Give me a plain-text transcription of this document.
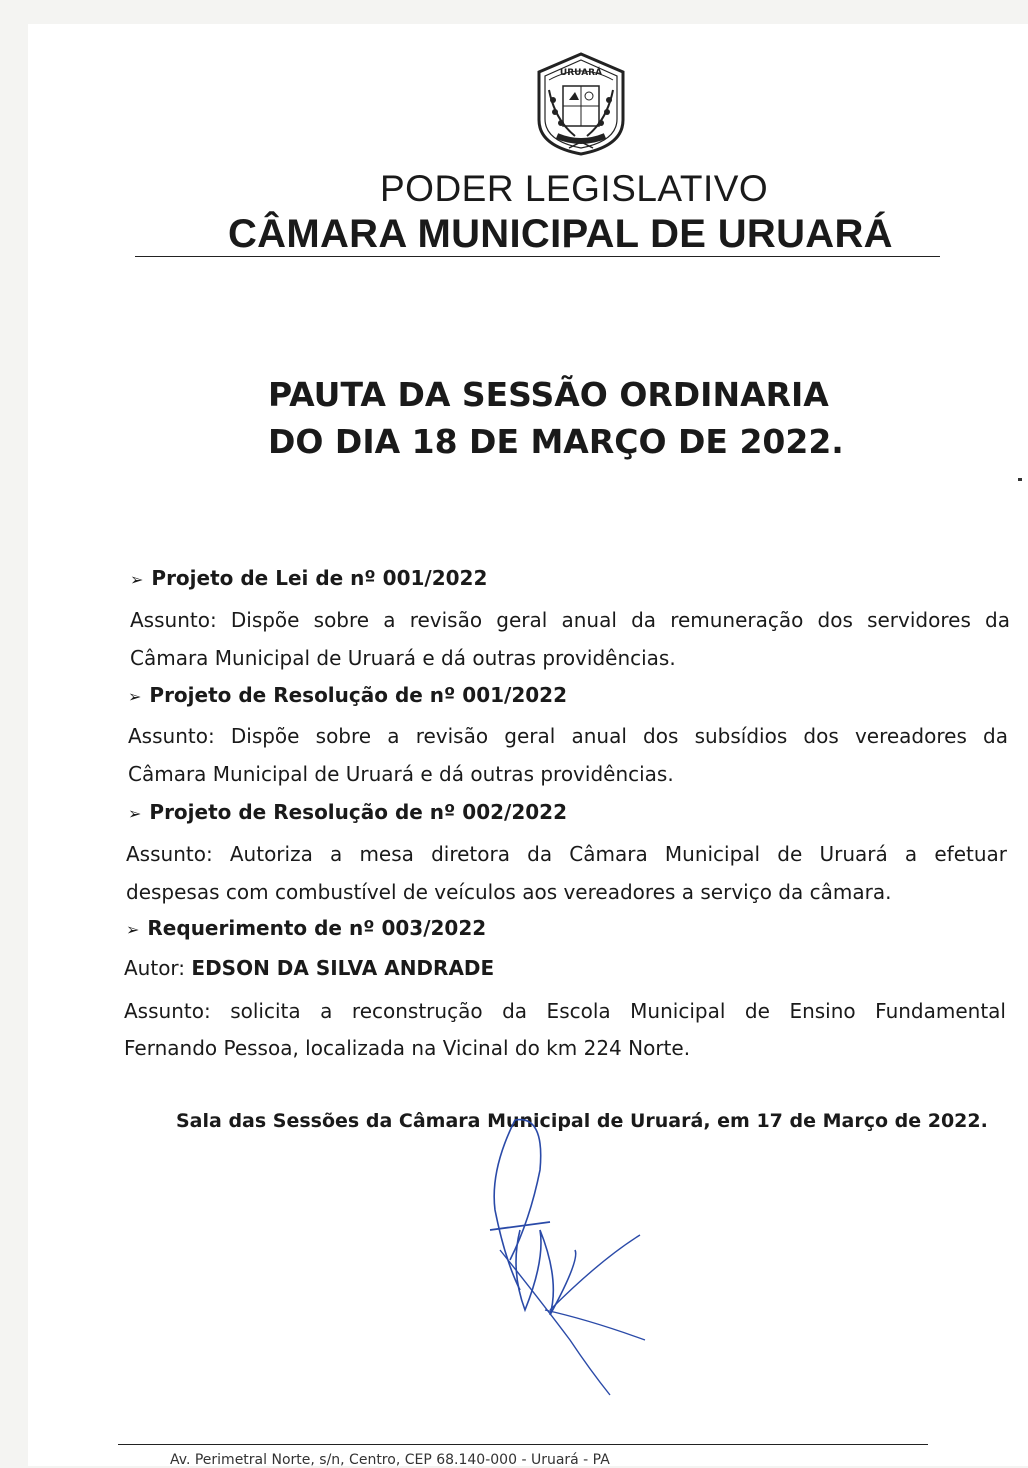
URUARÁ
PODER LEGISLATIVO
CÂMARA MUNICIPAL DE URUARÁ
PAUTA DA SESSÃO ORDINARIA
DO DIA 18 DE MARÇO DE 2022.
➢ Projeto de Lei de nº 001/2022
Assunto: Dispõe sobre a revisão geral anual da remuneração dos servidores da
Câmara Municipal de Uruará e dá outras providências.
➢ Projeto de Resolução de nº 001/2022
Assunto: Dispõe sobre a revisão geral anual dos subsídios dos vereadores da
Câmara Municipal de Uruará e dá outras providências.
➢ Projeto de Resolução de nº 002/2022
Assunto: Autoriza a mesa diretora da Câmara Municipal de Uruará a efetuar
despesas com combustível de veículos aos vereadores a serviço da câmara.
➢ Requerimento de nº 003/2022
Autor: EDSON DA SILVA ANDRADE
Assunto: solicita a reconstrução da Escola Municipal de Ensino Fundamental
Fernando Pessoa, localizada na Vicinal do km 224 Norte.
Sala das Sessões da Câmara Municipal de Uruará, em 17 de Março de 2022.
Av. Perimetral Norte, s/n, Centro, CEP 68.140-000 - Uruará - PA
